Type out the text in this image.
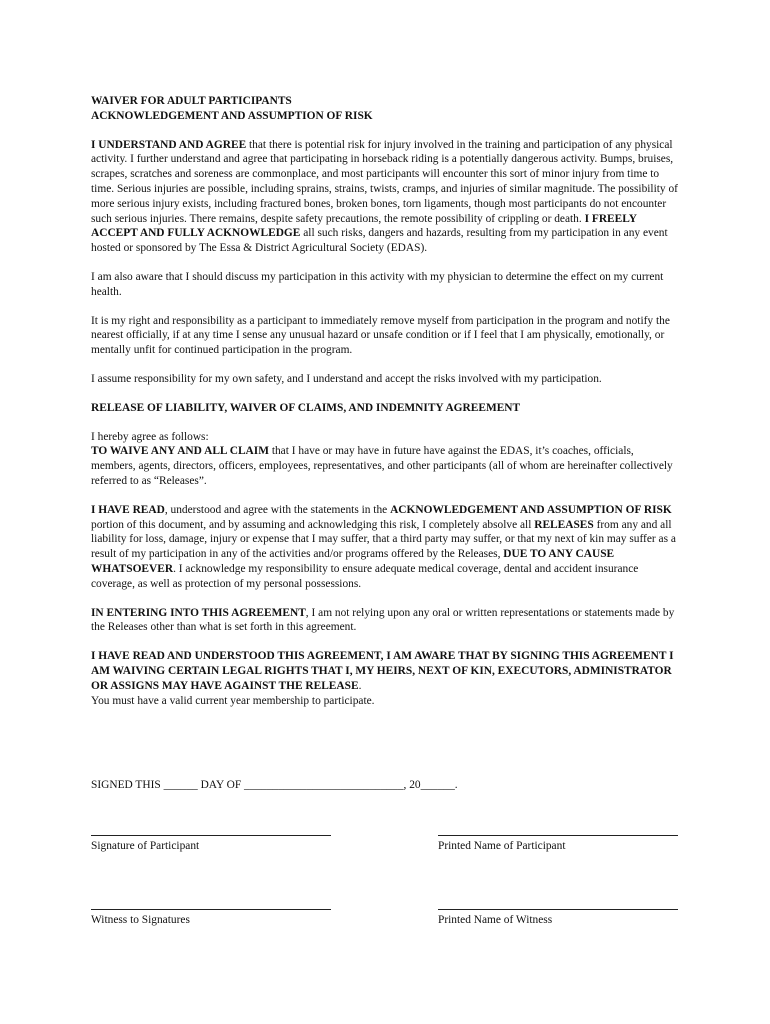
WAIVER FOR ADULT PARTICIPANTS

ACKNOWLEDGEMENT AND ASSUMPTION OF RISK

I UNDERSTAND AND AGREE that there is potential risk for injury involved in the training and participation of any physical activity. I further understand and agree that participating in horseback riding is a potentially dangerous activity. Bumps, bruises, scrapes, scratches and soreness are commonplace, and most participants will encounter this sort of minor injury from time to time. Serious injuries are possible, including sprains, strains, twists, cramps, and injuries of similar magnitude. The possibility of more serious injury exists, including fractured bones, broken bones, torn ligaments, though most participants do not encounter such serious injuries. There remains, despite safety precautions, the remote possibility of crippling or death. I FREELY ACCEPT AND FULLY ACKNOWLEDGE all such risks, dangers and hazards, resulting from my participation in any event hosted or sponsored by The Essa & District Agricultural Society (EDAS).

I am also aware that I should discuss my participation in this activity with my physician to determine the effect on my current health.

It is my right and responsibility as a participant to immediately remove myself from participation in the program and notify the nearest officially, if at any time I sense any unusual hazard or unsafe condition or if I feel that I am physically, emotionally, or mentally unfit for continued participation in the program.

I assume responsibility for my own safety, and I understand and accept the risks involved with my participation.

RELEASE OF LIABILITY, WAIVER OF CLAIMS, AND INDEMNITY AGREEMENT

I hereby agree as follows:

TO WAIVE ANY AND ALL CLAIM that I have or may have in future have against the EDAS, it’s coaches, officials, members, agents, directors, officers, employees, representatives, and other participants (all of whom are hereinafter collectively referred to as “Releases”.

I HAVE READ, understood and agree with the statements in the ACKNOWLEDGEMENT AND ASSUMPTION OF RISK portion of this document, and by assuming and acknowledging this risk, I completely absolve all RELEASES from any and all liability for loss, damage, injury or expense that I may suffer, that a third party may suffer, or that my next of kin may suffer as a result of my participation in any of the activities and/or programs offered by the Releases, DUE TO ANY CAUSE WHATSOEVER. I acknowledge my responsibility to ensure adequate medical coverage, dental and accident insurance coverage, as well as protection of my personal possessions.

IN ENTERING INTO THIS AGREEMENT, I am not relying upon any oral or written representations or statements made by the Releases other than what is set forth in this agreement.

I HAVE READ AND UNDERSTOOD THIS AGREEMENT, I AM AWARE THAT BY SIGNING THIS AGREEMENT I AM WAIVING CERTAIN LEGAL RIGHTS THAT I, MY HEIRS, NEXT OF KIN, EXECUTORS, ADMINISTRATOR OR ASSIGNS MAY HAVE AGAINST THE RELEASE.

You must have a valid current year membership to participate.

SIGNED THIS ______ DAY OF ____________________________, 20______.
Signature of Participant	Printed Name of Participant
Witness to Signatures	Printed Name of Witness
